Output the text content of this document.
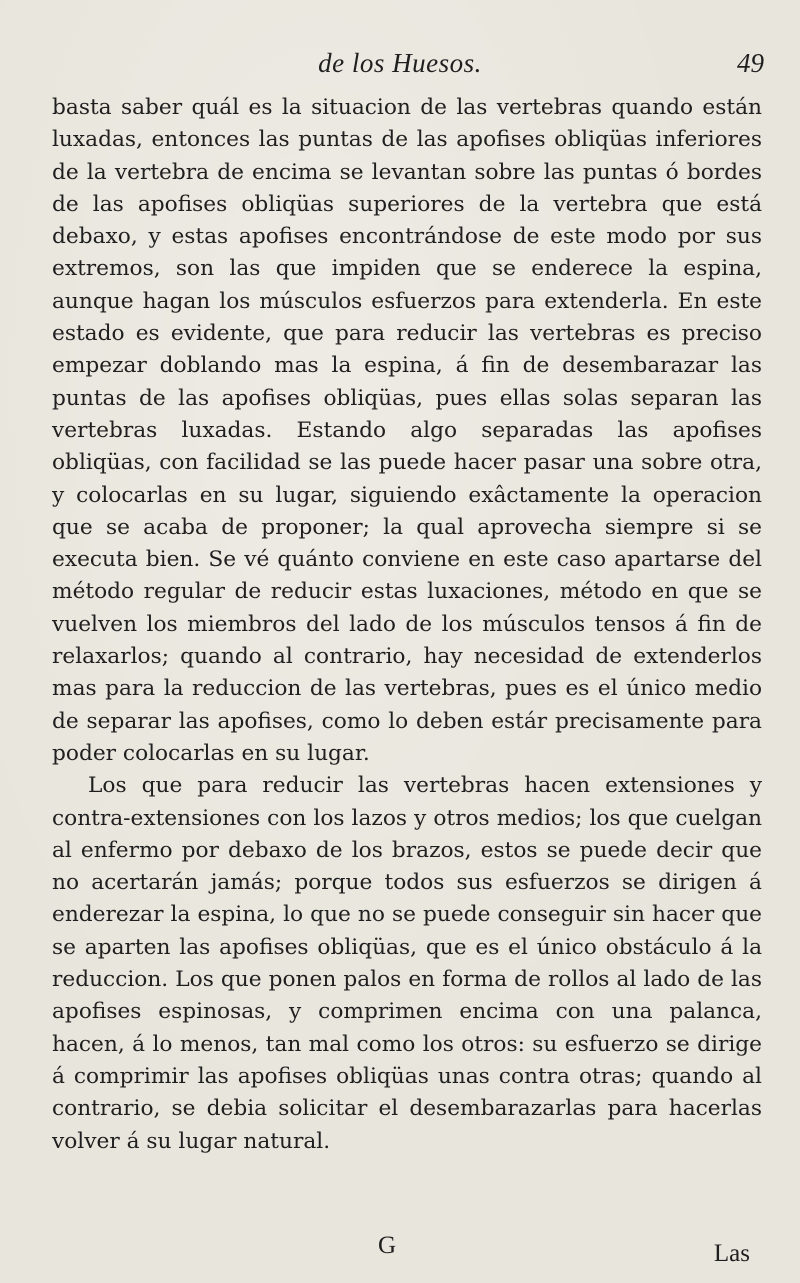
de los Huesos.	49

basta saber quál es la situacion de las vertebras quando están luxadas, entonces las puntas de las apofises obliqüas inferiores de la vertebra de encima se levantan sobre las puntas ó bordes de las apofises obliqüas superiores de la vertebra que está debaxo, y estas apofises encontrándose de este modo por sus extremos, son las que impiden que se enderece la espina, aunque hagan los músculos esfuerzos para extenderla. En este estado es evidente, que para reducir las vertebras es preciso empezar doblando mas la espina, á fin de desembarazar las puntas de las apofises obliqüas, pues ellas solas separan las vertebras luxadas. Estando algo separadas las apofises obliqüas, con facilidad se las puede hacer pasar una sobre otra, y colocarlas en su lugar, siguiendo exâctamente la operacion que se acaba de proponer; la qual aprovecha siempre si se executa bien. Se vé quánto conviene en este caso apartarse del método regular de reducir estas luxaciones, método en que se vuelven los miembros del lado de los músculos tensos á fin de relaxarlos; quando al contrario, hay necesidad de extenderlos mas para la reduccion de las vertebras, pues es el único medio de separar las apofises, como lo deben estár precisamente para poder colocarlas en su lugar.

Los que para reducir las vertebras hacen extensiones y contra-extensiones con los lazos y otros medios; los que cuelgan al enfermo por debaxo de los brazos, estos se puede decir que no acertarán jamás; porque todos sus esfuerzos se dirigen á enderezar la espina, lo que no se puede conseguir sin hacer que se aparten las apofises obliqüas, que es el único obstáculo á la reduccion. Los que ponen palos en forma de rollos al lado de las apofises espinosas, y comprimen encima con una palanca, hacen, á lo menos, tan mal como los otros: su esfuerzo se dirige á comprimir las apofises obliqüas unas contra otras; quando al contrario, se debia solicitar el desembarazarlas para hacerlas volver á su lugar natural.

G	Las
